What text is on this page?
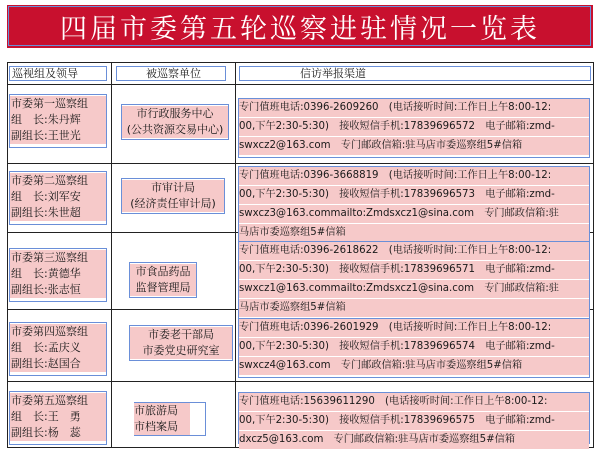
四届市委第五轮巡察进驻情况一览表
巡视组及领导	被巡察单位	信访举报渠道
市委第一巡察组
组　长:朱丹辉
副组长:王世光
市行政服务中心
(公共资源交易中心)
专门值班电话:0396-2609260　(电话接听时间:工作日上午8:00-12:
00,下午2:30-5:30)　接收短信手机:17839696572　电子邮箱:zmd-
swxcz2@163.com　专门邮政信箱:驻马店市委巡察组5#信箱
市委第二巡察组
组　长:刘军安
副组长:朱世超
市审计局
(经济责任审计局)
专门值班电话:0396-3668819　(电话接听时间:工作日上午8:00-12:
00,下午2:30-5:30)　接收短信手机:17839696573　电子邮箱:zmd-
swxcz3@163.commailto:Zmdsxcz1@sina.com　专门邮政信箱:驻
马店市委巡察组5#信箱
市委第三巡察组
组　长:黄德华
副组长:张志恒
市食品药品
监督管理局
专门值班电话:0396-2618622　(电话接听时间:工作日上午8:00-12:
00,下午2:30-5:30)　接收短信手机:17839696571　电子邮箱:zmd-
swxcz1@163.commailto:Zmdsxcz1@sina.com　专门邮政信箱:驻
马店市委巡察组5#信箱
市委第四巡察组
组　长:孟庆义
副组长:赵国合
市委老干部局
市委党史研究室
专门值班电话:0396-2601929　(电话接听时间:工作日上午8:00-12:
00,下午2:30-5:30)　接收短信手机:17839696574　电子邮箱:zmd-
swxcz4@163.com　专门邮政信箱:驻马店市委巡察组5#信箱
市委第五巡察组
组　长:王　勇
副组长:杨　蕊
市旅游局
市档案局
专门值班电话:15639611290　(电话接听时间:工作日上午8:00-12:
00,下午2:30-5:30)　接收短信手机:17839696575　电子邮箱:zmd-
dxcz5@163.com　专门邮政信箱:驻马店市委巡察组5#信箱
